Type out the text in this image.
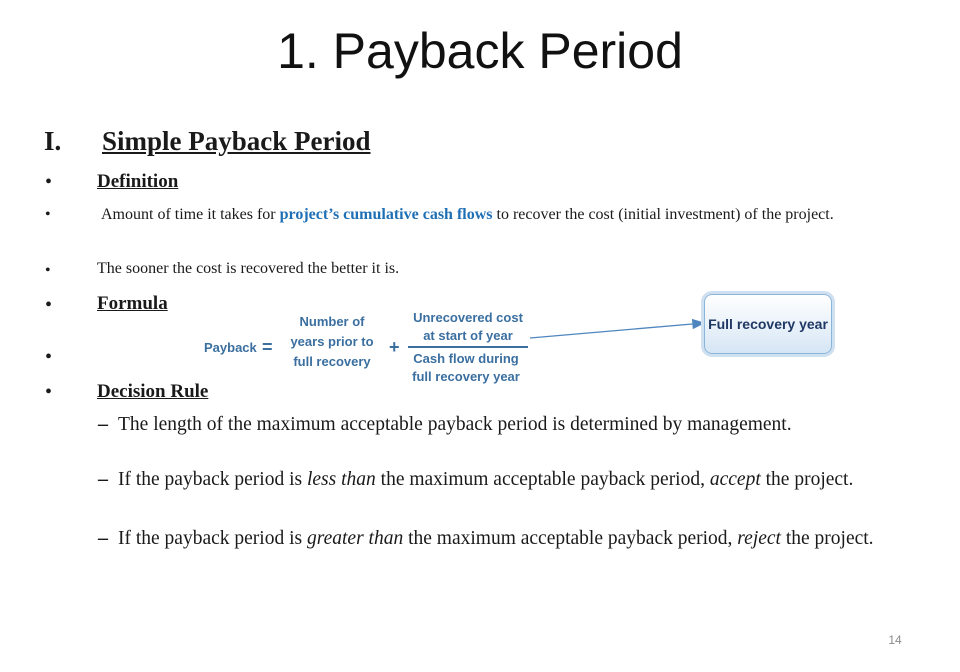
1. Payback Period
I. Simple Payback Period
• Definition
•	Amount of time it takes for project’s cumulative cash flows to recover the cost (initial investment) of the project.
•	The sooner the cost is recovered the better it is.
• Formula
•	Payback =
Number of
years prior to
full recovery
+
Unrecovered cost
at start of year
Cash flow during
full recovery year
Full recovery year
• Decision Rule
– The length of the maximum acceptable payback period is determined by management.
– If the payback period is less than the maximum acceptable payback period, accept the project.
– If the payback period is greater than the maximum acceptable payback period, reject the project.
14
